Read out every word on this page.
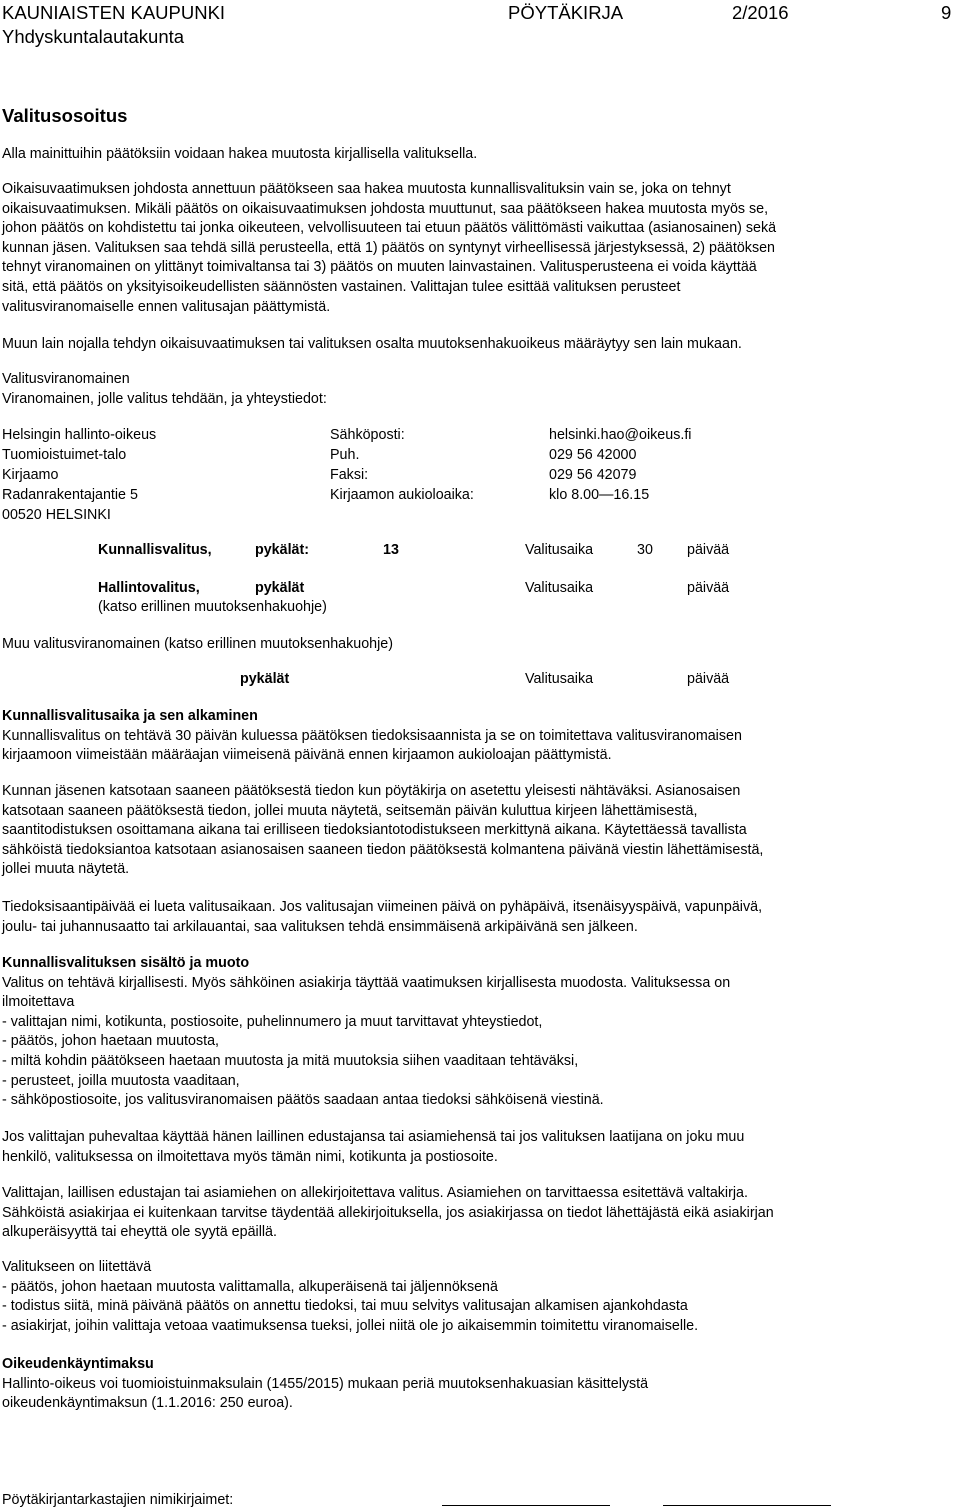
KAUNIAISTEN KAUPUNKI
Yhdyskuntalautakunta
PÖYTÄKIRJA	2/2016	9
Valitusosoitus
Alla mainittuihin päätöksiin voidaan hakea muutosta kirjallisella valituksella.
Oikaisuvaatimuksen johdosta annettuun päätökseen saa hakea muutosta kunnallisvalituksin vain se, joka on tehnyt
oikaisuvaatimuksen. Mikäli päätös on oikaisuvaatimuksen johdosta muuttunut, saa päätökseen hakea muutosta myös se,
johon päätös on kohdistettu tai jonka oikeuteen, velvollisuuteen tai etuun päätös välittömästi vaikuttaa (asianosainen) sekä
kunnan jäsen. Valituksen saa tehdä sillä perusteella, että 1) päätös on syntynyt virheellisessä järjestyksessä, 2) päätöksen
tehnyt viranomainen on ylittänyt toimivaltansa tai 3) päätös on muuten lainvastainen. Valitusperusteena ei voida käyttää
sitä, että päätös on yksityisoikeudellisten säännösten vastainen. Valittajan tulee esittää valituksen perusteet
valitusviranomaiselle ennen valitusajan päättymistä.
Muun lain nojalla tehdyn oikaisuvaatimuksen tai valituksen osalta muutoksenhakuoikeus määräytyy sen lain mukaan.
Valitusviranomainen
Viranomainen, jolle valitus tehdään, ja yhteystiedot:
Helsingin hallinto-oikeus	Sähköposti:	helsinki.hao@oikeus.fi
Tuomioistuimet-talo	Puh.	029 56 42000
Kirjaamo	Faksi:	029 56 42079
Radanrakentajantie 5	Kirjaamon aukioloaika:	klo 8.00—16.15
00520 HELSINKI
Kunnallisvalitus,	pykälät:	13	Valitusaika	30 päivää
Hallintovalitus,	pykälät	Valitusaika	päivää
(katso erillinen muutoksenhakuohje)
Muu valitusviranomainen (katso erillinen muutoksenhakuohje)
pykälät	Valitusaika	päivää
Kunnallisvalitusaika ja sen alkaminen
Kunnallisvalitus on tehtävä 30 päivän kuluessa päätöksen tiedoksisaannista ja se on toimitettava valitusviranomaisen
kirjaamoon viimeistään määräajan viimeisenä päivänä ennen kirjaamon aukioloajan päättymistä.
Kunnan jäsenen katsotaan saaneen päätöksestä tiedon kun pöytäkirja on asetettu yleisesti nähtäväksi. Asianosaisen
katsotaan saaneen päätöksestä tiedon, jollei muuta näytetä, seitsemän päivän kuluttua kirjeen lähettämisestä,
saantitodistuksen osoittamana aikana tai erilliseen tiedoksiantotodistukseen merkittynä aikana. Käytettäessä tavallista
sähköistä tiedoksiantoa katsotaan asianosaisen saaneen tiedon päätöksestä kolmantena päivänä viestin lähettämisestä,
jollei muuta näytetä.
Tiedoksisaantipäivää ei lueta valitusaikaan. Jos valitusajan viimeinen päivä on pyhäpäivä, itsenäisyyspäivä, vapunpäivä,
joulu- tai juhannusaatto tai arkilauantai, saa valituksen tehdä ensimmäisenä arkipäivänä sen jälkeen.
Kunnallisvalituksen sisältö ja muoto
Valitus on tehtävä kirjallisesti. Myös sähköinen asiakirja täyttää vaatimuksen kirjallisesta muodosta. Valituksessa on
ilmoitettava
- valittajan nimi, kotikunta, postiosoite, puhelinnumero ja muut tarvittavat yhteystiedot,
- päätös, johon haetaan muutosta,
- miltä kohdin päätökseen haetaan muutosta ja mitä muutoksia siihen vaaditaan tehtäväksi,
- perusteet, joilla muutosta vaaditaan,
- sähköpostiosoite, jos valitusviranomaisen päätös saadaan antaa tiedoksi sähköisenä viestinä.
Jos valittajan puhevaltaa käyttää hänen laillinen edustajansa tai asiamiehensä tai jos valituksen laatijana on joku muu
henkilö, valituksessa on ilmoitettava myös tämän nimi, kotikunta ja postiosoite.
Valittajan, laillisen edustajan tai asiamiehen on allekirjoitettava valitus. Asiamiehen on tarvittaessa esitettävä valtakirja.
Sähköistä asiakirjaa ei kuitenkaan tarvitse täydentää allekirjoituksella, jos asiakirjassa on tiedot lähettäjästä eikä asiakirjan
alkuperäisyyttä tai eheyttä ole syytä epäillä.
Valitukseen on liitettävä
- päätös, johon haetaan muutosta valittamalla, alkuperäisenä tai jäljennöksenä
- todistus siitä, minä päivänä päätös on annettu tiedoksi, tai muu selvitys valitusajan alkamisen ajankohdasta
- asiakirjat, joihin valittaja vetoaa vaatimuksensa tueksi, jollei niitä ole jo aikaisemmin toimitettu viranomaiselle.
Oikeudenkäyntimaksu
Hallinto-oikeus voi tuomioistuinmaksulain (1455/2015) mukaan periä muutoksenhakuasian käsittelystä
oikeudenkäyntimaksun (1.1.2016: 250 euroa).
Pöytäkirjantarkastajien nimikirjaimet:
